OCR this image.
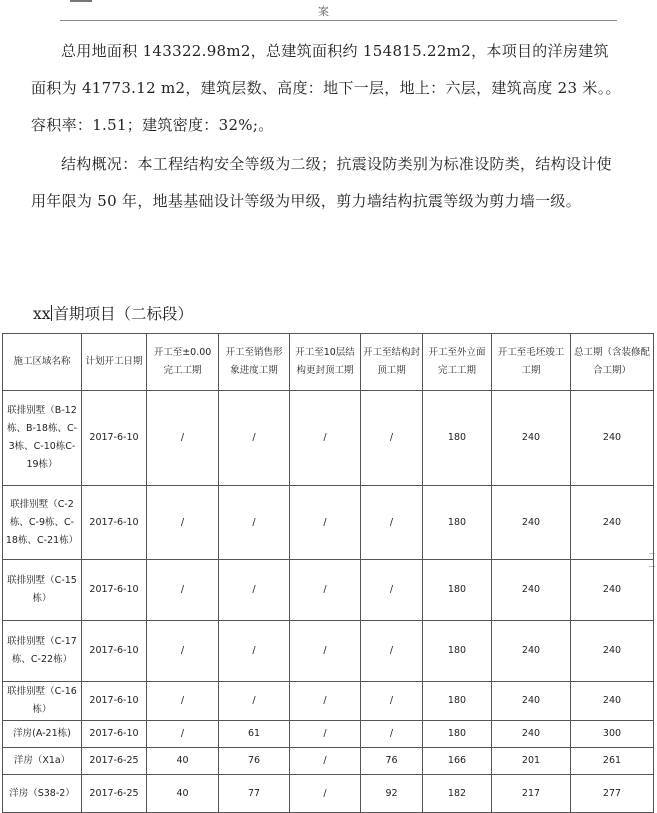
案

总用地面积 143322.98m2，总建筑面积约 154815.22m2，本项目的洋房建筑面积为 41773.12 m2，建筑层数、高度：地下一层，地上：六层，建筑高度 23 米。。容积率：1.51；建筑密度：32%;。

结构概况：本工程结构安全等级为二级；抗震设防类别为标准设防类，结构设计使用年限为 50 年，地基基础设计等级为甲级，剪力墙结构抗震等级为剪力墙一级。

xx 首期项目（二标段）
施工区域名称	计划开工日期	开工至±0.00完工工期	开工至销售形象进度工期	开工至10层结构更封顶工期	开工至结构封顶工期	开工至外立面完工工期	开工至毛坯竣工工期	总工期（含装修配合工期）
联排别墅（B-12栋、B-18栋、C-3栋、C-10栋C-19栋）	2017-6-10	/	/	/	/	180	240	240
联排别墅（C-2栋、C-9栋、C-18栋、C-21栋）	2017-6-10	/	/	/	/	180	240	240
联排别墅（C-15栋）	2017-6-10	/	/	/	/	180	240	240
联排别墅（C-17栋、C-22栋）	2017-6-10	/	/	/	/	180	240	240
联排别墅（C-16栋）	2017-6-10	/	/	/	/	180	240	240
洋房(A-21栋)	2017-6-10	/	61	/	/	180	240	300
洋房（X1a）	2017-6-25	40	76	/	76	166	201	261
洋房（S38-2）	2017-6-25	40	77	/	92	182	217	277
